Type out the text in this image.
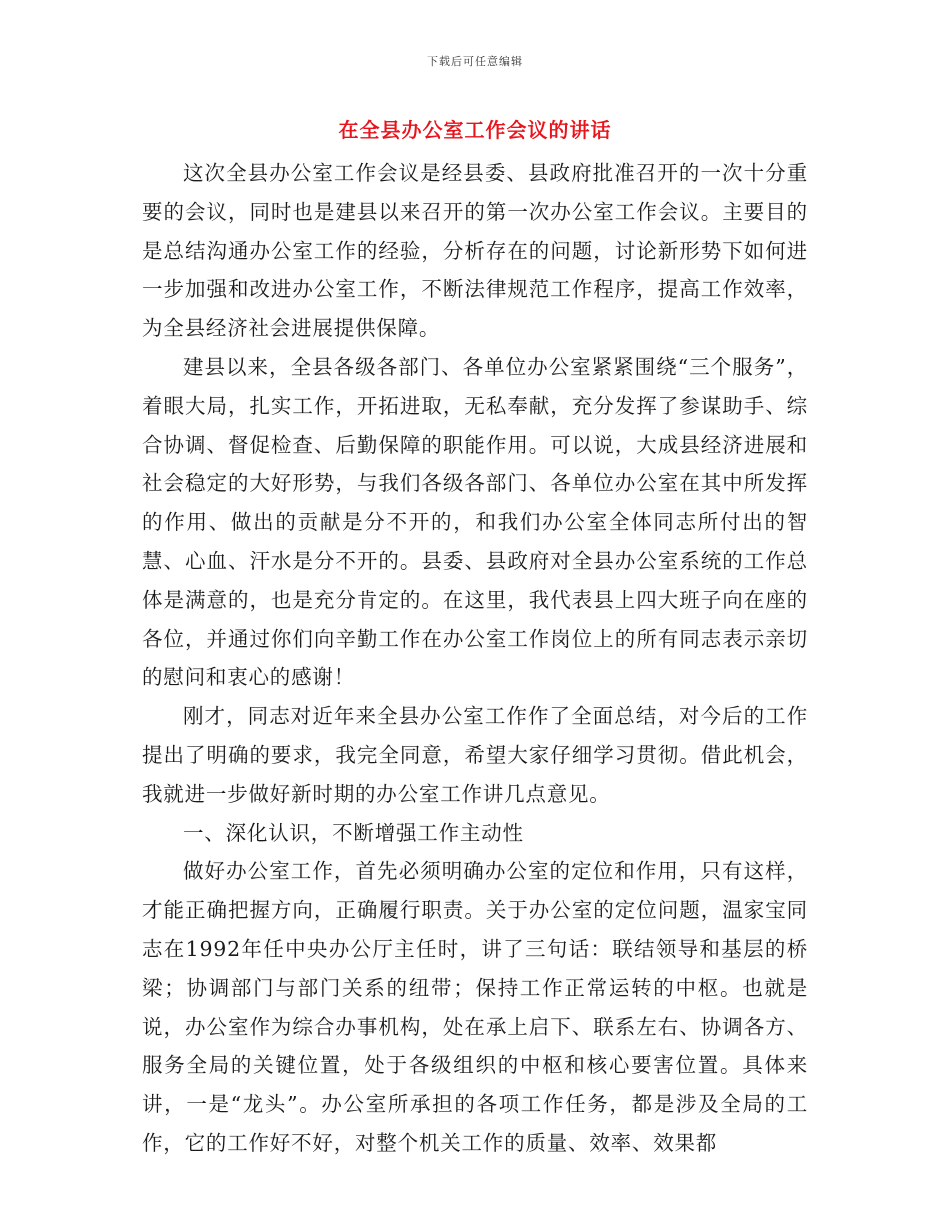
下载后可任意编辑
在全县办公室工作会议的讲话

这次全县办公室工作会议是经县委、县政府批准召开的一次十分重要的会议，同时也是建县以来召开的第一次办公室工作会议。主要目的是总结沟通办公室工作的经验，分析存在的问题，讨论新形势下如何进一步加强和改进办公室工作，不断法律规范工作程序，提高工作效率，为全县经济社会进展提供保障。

建县以来，全县各级各部门、各单位办公室紧紧围绕“三个服务”，着眼大局，扎实工作，开拓进取，无私奉献，充分发挥了参谋助手、综合协调、督促检查、后勤保障的职能作用。可以说，大成县经济进展和社会稳定的大好形势，与我们各级各部门、各单位办公室在其中所发挥的作用、做出的贡献是分不开的，和我们办公室全体同志所付出的智慧、心血、汗水是分不开的。县委、县政府对全县办公室系统的工作总体是满意的，也是充分肯定的。在这里，我代表县上四大班子向在座的各位，并通过你们向辛勤工作在办公室工作岗位上的所有同志表示亲切的慰问和衷心的感谢！

刚才，同志对近年来全县办公室工作作了全面总结，对今后的工作提出了明确的要求，我完全同意，希望大家仔细学习贯彻。借此机会，我就进一步做好新时期的办公室工作讲几点意见。

一、深化认识，不断增强工作主动性

做好办公室工作，首先必须明确办公室的定位和作用，只有这样，才能正确把握方向，正确履行职责。关于办公室的定位问题，温家宝同志在1992年任中央办公厅主任时，讲了三句话：联结领导和基层的桥梁；协调部门与部门关系的纽带；保持工作正常运转的中枢。也就是说，办公室作为综合办事机构，处在承上启下、联系左右、协调各方、服务全局的关键位置，处于各级组织的中枢和核心要害位置。具体来讲，一是“龙头”。办公室所承担的各项工作任务，都是涉及全局的工作，它的工作好不好，对整个机关工作的质量、效率、效果都
